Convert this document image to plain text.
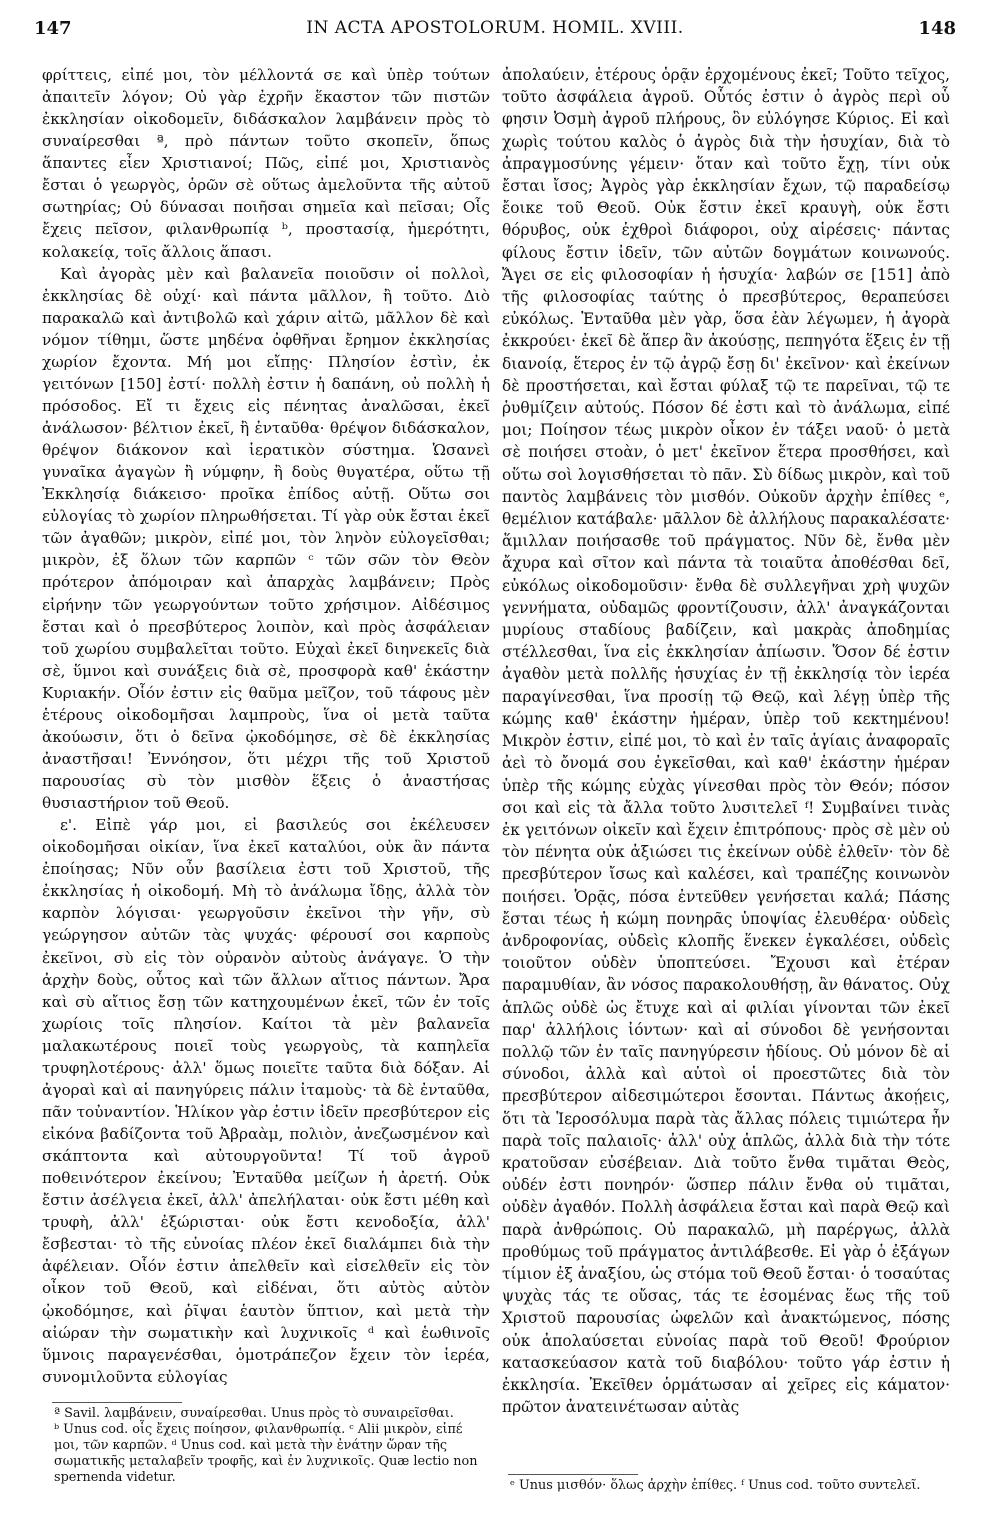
147	IN ACTA APOSTOLORUM. HOMIL. XVIII.	148

φρίττεις, εἰπέ μοι, τὸν μέλλοντά σε καὶ ὑπὲρ τούτων ἀπαιτεῖν λόγον; Οὐ γὰρ ἐχρῆν ἕκαστον τῶν πιστῶν ἐκκλησίαν οἰκοδομεῖν, διδάσκαλον λαμβάνειν πρὸς τὸ συναίρεσθαι ª, πρὸ πάντων τοῦτο σκοπεῖν, ὅπως ἅπαντες εἶεν Χριστιανοί; Πῶς, εἰπέ μοι, Χριστιανὸς ἔσται ὁ γεωργὸς, ὁρῶν σὲ οὕτως ἀμελοῦντα τῆς αὐτοῦ σωτηρίας; Οὐ δύνασαι ποιῆσαι σημεῖα καὶ πεῖσαι; Οἷς ἔχεις πεῖσον, φιλανθρωπίᾳ ᵇ, προστασίᾳ, ἡμερότητι, κολακείᾳ, τοῖς ἄλλοις ἅπασι.

Καὶ ἀγορὰς μὲν καὶ βαλανεῖα ποιοῦσιν οἱ πολλοὶ, ἐκκλησίας δὲ οὐχί· καὶ πάντα μᾶλλον, ἢ τοῦτο. Διὸ παρακαλῶ καὶ ἀντιβολῶ καὶ χάριν αἰτῶ, μᾶλλον δὲ καὶ νόμον τίθημι, ὥστε μηδένα ὀφθῆναι ἔρημον ἐκκλησίας χωρίον ἔχοντα. Μή μοι εἴπῃς· Πλησίον ἐστὶν, ἐκ γειτόνων [150] ἐστί· πολλὴ ἐστιν ἡ δαπάνη, οὐ πολλὴ ἡ πρόσοδος. Εἴ τι ἔχεις εἰς πένητας ἀναλῶσαι, ἐκεῖ ἀνάλωσον· βέλτιον ἐκεῖ, ἢ ἐνταῦθα· θρέψον διδάσκαλον, θρέψον διάκονον καὶ ἱερατικὸν σύστημα. Ὡσανεὶ γυναῖκα ἀγαγὼν ἢ νύμφην, ἢ δοὺς θυγατέρα, οὕτω τῇ Ἐκκλησίᾳ διάκεισο· προῖκα ἐπίδος αὐτῇ. Οὕτω σοι εὐλογίας τὸ χωρίον πληρωθήσεται. Τί γὰρ οὐκ ἔσται ἐκεῖ τῶν ἀγαθῶν; μικρὸν, εἰπέ μοι, τὸν ληνὸν εὐλογεῖσθαι; μικρὸν, ἐξ ὅλων τῶν καρπῶν ᶜ τῶν σῶν τὸν Θεὸν πρότερον ἀπόμοιραν καὶ ἀπαρχὰς λαμβάνειν; Πρὸς εἰρήνην τῶν γεωργούντων τοῦτο χρήσιμον. Αἰδέσιμος ἔσται καὶ ὁ πρεσβύτερος λοιπὸν, καὶ πρὸς ἀσφάλειαν τοῦ χωρίου συμβαλεῖται τοῦτο. Εὐχαὶ ἐκεῖ διηνεκεῖς διὰ σὲ, ὕμνοι καὶ συνάξεις διὰ σὲ, προσφορὰ καθ' ἑκάστην Κυριακήν. Οἷόν ἐστιν εἰς θαῦμα μεῖζον, τοῦ τάφους μὲν ἑτέρους οἰκοδομῆσαι λαμπροὺς, ἵνα οἱ μετὰ ταῦτα ἀκούωσιν, ὅτι ὁ δεῖνα ᾠκοδόμησε, σὲ δὲ ἐκκλησίας ἀναστῆσαι! Ἐννόησον, ὅτι μέχρι τῆς τοῦ Χριστοῦ παρουσίας σὺ τὸν μισθὸν ἕξεις ὁ ἀναστήσας θυσιαστήριον τοῦ Θεοῦ.

ε'. Εἰπὲ γάρ μοι, εἰ βασιλεύς σοι ἐκέλευσεν οἰκοδομῆσαι οἰκίαν, ἵνα ἐκεῖ καταλύοι, οὐκ ἂν πάντα ἐποίησας; Νῦν οὖν βασίλεια ἐστι τοῦ Χριστοῦ, τῆς ἐκκλησίας ἡ οἰκοδομή. Μὴ τὸ ἀνάλωμα ἴδῃς, ἀλλὰ τὸν καρπὸν λόγισαι· γεωργοῦσιν ἐκεῖνοι τὴν γῆν, σὺ γεώργησον αὐτῶν τὰς ψυχάς· φέρουσί σοι καρποὺς ἐκεῖνοι, σὺ εἰς τὸν οὐρανὸν αὐτοὺς ἀνάγαγε. Ὁ τὴν ἀρχὴν δοὺς, οὗτος καὶ τῶν ἄλλων αἴτιος πάντων. Ἄρα καὶ σὺ αἴτιος ἔσῃ τῶν κατηχουμένων ἐκεῖ, τῶν ἐν τοῖς χωρίοις τοῖς πλησίον. Καίτοι τὰ μὲν βαλανεῖα μαλακωτέρους ποιεῖ τοὺς γεωργοὺς, τὰ καπηλεῖα τρυφηλοτέρους· ἀλλ' ὅμως ποιεῖτε ταῦτα διὰ δόξαν. Αἱ ἀγοραὶ καὶ αἱ πανηγύρεις πάλιν ἰταμοὺς· τὰ δὲ ἐνταῦθα, πᾶν τοὐναντίον. Ἡλίκον γὰρ ἐστιν ἰδεῖν πρεσβύτερον εἰς εἰκόνα βαδίζοντα τοῦ Ἀβραὰμ, πολιὸν, ἀνεζωσμένον καὶ σκάπτοντα καὶ αὐτουργοῦντα! Τί τοῦ ἀγροῦ ποθεινότερον ἐκείνου; Ἐνταῦθα μείζων ἡ ἀρετή. Οὐκ ἔστιν ἀσέλγεια ἐκεῖ, ἀλλ' ἀπελήλαται· οὐκ ἔστι μέθη καὶ τρυφὴ, ἀλλ' ἐξώρισται· οὐκ ἔστι κενοδοξία, ἀλλ' ἔσβεσται· τὸ τῆς εὐνοίας πλέον ἐκεῖ διαλάμπει διὰ τὴν ἀφέλειαν. Οἷόν ἐστιν ἀπελθεῖν καὶ εἰσελθεῖν εἰς τὸν οἶκον τοῦ Θεοῦ, καὶ εἰδέναι, ὅτι αὐτὸς αὐτὸν ᾠκοδόμησε, καὶ ῥῖψαι ἑαυτὸν ὕπτιον, καὶ μετὰ τὴν αἰώραν τὴν σωματικὴν καὶ λυχνικοῖς ᵈ καὶ ἑωθινοῖς ὕμνοις παραγενέσθαι, ὁμοτράπεζον ἔχειν τὸν ἱερέα, συνομιλοῦντα εὐλογίας

ª Savil. λαμβάνειν, συναίρεσθαι. Unus πρὸς τὸ συναιρεῖσθαι.

ᵇ Unus cod. οἷς ἔχεις ποίησον, φιλανθρωπίᾳ. ᶜ Alii μικρὸν, εἰπέ μοι, τῶν καρπῶν. ᵈ Unus cod. καὶ μετὰ τὴν ἐνάτην ὥραν τῆς σωματικῆς μεταλαβεῖν τροφῆς, καὶ ἐν λυχνικοῖς. Quæ lectio non spernenda videtur.

ἀπολαύειν, ἑτέρους ὁρᾷν ἐρχομένους ἐκεῖ; Τοῦτο τεῖχος, τοῦτο ἀσφάλεια ἀγροῦ. Οὗτός ἐστιν ὁ ἀγρὸς περὶ οὗ φησιν Ὀσμὴ ἀγροῦ πλήρους, ὃν εὐλόγησε Κύριος. Εἰ καὶ χωρὶς τούτου καλὸς ὁ ἀγρὸς διὰ τὴν ἡσυχίαν, διὰ τὸ ἀπραγμοσύνης γέμειν· ὅταν καὶ τοῦτο ἔχῃ, τίνι οὐκ ἔσται ἴσος; Ἀγρὸς γὰρ ἐκκλησίαν ἔχων, τῷ παραδείσῳ ἔοικε τοῦ Θεοῦ. Οὐκ ἔστιν ἐκεῖ κραυγὴ, οὐκ ἔστι θόρυβος, οὐκ ἐχθροὶ διάφοροι, οὐχ αἱρέσεις· πάντας φίλους ἔστιν ἰδεῖν, τῶν αὐτῶν δογμάτων κοινωνούς. Ἄγει σε εἰς φιλοσοφίαν ἡ ἡσυχία· λαβών σε [151] ἀπὸ τῆς φιλοσοφίας ταύτης ὁ πρεσβύτερος, θεραπεύσει εὐκόλως. Ἐνταῦθα μὲν γὰρ, ὅσα ἐὰν λέγωμεν, ἡ ἀγορὰ ἐκκρούει· ἐκεῖ δὲ ἅπερ ἂν ἀκούσῃς, πεπηγότα ἕξεις ἐν τῇ διανοίᾳ, ἕτερος ἐν τῷ ἀγρῷ ἔσῃ δι' ἐκεῖνον· καὶ ἐκείνων δὲ προστήσεται, καὶ ἔσται φύλαξ τῷ τε παρεῖναι, τῷ τε ῥυθμίζειν αὐτούς. Πόσον δέ ἐστι καὶ τὸ ἀνάλωμα, εἰπέ μοι; Ποίησον τέως μικρὸν οἶκον ἐν τάξει ναοῦ· ὁ μετὰ σὲ ποιήσει στοὰν, ὁ μετ' ἐκεῖνον ἕτερα προσθήσει, καὶ οὕτω σοὶ λογισθήσεται τὸ πᾶν. Σὺ δίδως μικρὸν, καὶ τοῦ παντὸς λαμβάνεις τὸν μισθόν. Οὐκοῦν ἀρχὴν ἐπίθες ᵉ, θεμέλιον κατάβαλε· μᾶλλον δὲ ἀλλήλους παρακαλέσατε· ἅμιλλαν ποιήσασθε τοῦ πράγματος. Νῦν δὲ, ἔνθα μὲν ἄχυρα καὶ σῖτον καὶ πάντα τὰ τοιαῦτα ἀποθέσθαι δεῖ, εὐκόλως οἰκοδομοῦσιν· ἔνθα δὲ συλλεγῆναι χρὴ ψυχῶν γεννήματα, οὐδαμῶς φροντίζουσιν, ἀλλ' ἀναγκάζονται μυρίους σταδίους βαδίζειν, καὶ μακρὰς ἀποδημίας στέλλεσθαι, ἵνα εἰς ἐκκλησίαν ἀπίωσιν. Ὅσον δέ ἐστιν ἀγαθὸν μετὰ πολλῆς ἡσυχίας ἐν τῇ ἐκκλησίᾳ τὸν ἱερέα παραγίνεσθαι, ἵνα προσίῃ τῷ Θεῷ, καὶ λέγῃ ὑπὲρ τῆς κώμης καθ' ἑκάστην ἡμέραν, ὑπὲρ τοῦ κεκτημένου! Μικρὸν ἐστιν, εἰπέ μοι, τὸ καὶ ἐν ταῖς ἁγίαις ἀναφοραῖς ἀεὶ τὸ ὄνομά σου ἐγκεῖσθαι, καὶ καθ' ἑκάστην ἡμέραν ὑπὲρ τῆς κώμης εὐχὰς γίνεσθαι πρὸς τὸν Θεόν; πόσον σοι καὶ εἰς τὰ ἄλλα τοῦτο λυσιτελεῖ ᶠ! Συμβαίνει τινὰς ἐκ γειτόνων οἰκεῖν καὶ ἔχειν ἐπιτρόπους· πρὸς σὲ μὲν οὐ τὸν πένητα οὐκ ἀξιώσει τις ἐκείνων οὐδὲ ἐλθεῖν· τὸν δὲ πρεσβύτερον ἴσως καὶ καλέσει, καὶ τραπέζης κοινωνὸν ποιήσει. Ὁρᾷς, πόσα ἐντεῦθεν γενήσεται καλά; Πάσης ἔσται τέως ἡ κώμη πονηρᾶς ὑποψίας ἐλευθέρα· οὐδεὶς ἀνδροφονίας, οὐδεὶς κλοπῆς ἕνεκεν ἐγκαλέσει, οὐδεὶς τοιοῦτον οὐδὲν ὑποπτεύσει. Ἔχουσι καὶ ἑτέραν παραμυθίαν, ἂν νόσος παρακολουθήσῃ, ἂν θάνατος. Οὐχ ἁπλῶς οὐδὲ ὡς ἔτυχε καὶ αἱ φιλίαι γίνονται τῶν ἐκεῖ παρ' ἀλλήλοις ἰόντων· καὶ αἱ σύνοδοι δὲ γενήσονται πολλῷ τῶν ἐν ταῖς πανηγύρεσιν ἡδίους. Οὐ μόνον δὲ αἱ σύνοδοι, ἀλλὰ καὶ αὐτοὶ οἱ προεστῶτες διὰ τὸν πρεσβύτερον αἰδεσιμώτεροι ἔσονται. Πάντως ἀκοῄεις, ὅτι τὰ Ἱεροσόλυμα παρὰ τὰς ἄλλας πόλεις τιμιώτερα ἦν παρὰ τοῖς παλαιοῖς· ἀλλ' οὐχ ἁπλῶς, ἀλλὰ διὰ τὴν τότε κρατοῦσαν εὐσέβειαν. Διὰ τοῦτο ἔνθα τιμᾶται Θεὸς, οὐδέν ἐστι πονηρόν· ὥσπερ πάλιν ἔνθα οὐ τιμᾶται, οὐδὲν ἀγαθόν. Πολλὴ ἀσφάλεια ἔσται καὶ παρὰ Θεῷ καὶ παρὰ ἀνθρώποις. Οὐ παρακαλῶ, μὴ παρέργως, ἀλλὰ προθύμως τοῦ πράγματος ἀντιλάβεσθε. Εἰ γὰρ ὁ ἐξάγων τίμιον ἐξ ἀναξίου, ὡς στόμα τοῦ Θεοῦ ἔσται· ὁ τοσαύτας ψυχὰς τάς τε οὔσας, τάς τε ἐσομένας ἕως τῆς τοῦ Χριστοῦ παρουσίας ὠφελῶν καὶ ἀνακτώμενος, πόσης οὐκ ἀπολαύσεται εὐνοίας παρὰ τοῦ Θεοῦ! Φρούριον κατασκεύασον κατὰ τοῦ διαβόλου· τοῦτο γάρ ἐστιν ἡ ἐκκλησία. Ἐκεῖθεν ὁρμάτωσαν αἱ χεῖρες εἰς κάματον· πρῶτον ἀνατεινέτωσαν αὐτὰς

ᵉ Unus μισθόν· ὅλως ἀρχὴν ἐπίθες. ᶠ Unus cod. τοῦτο συντελεῖ.
